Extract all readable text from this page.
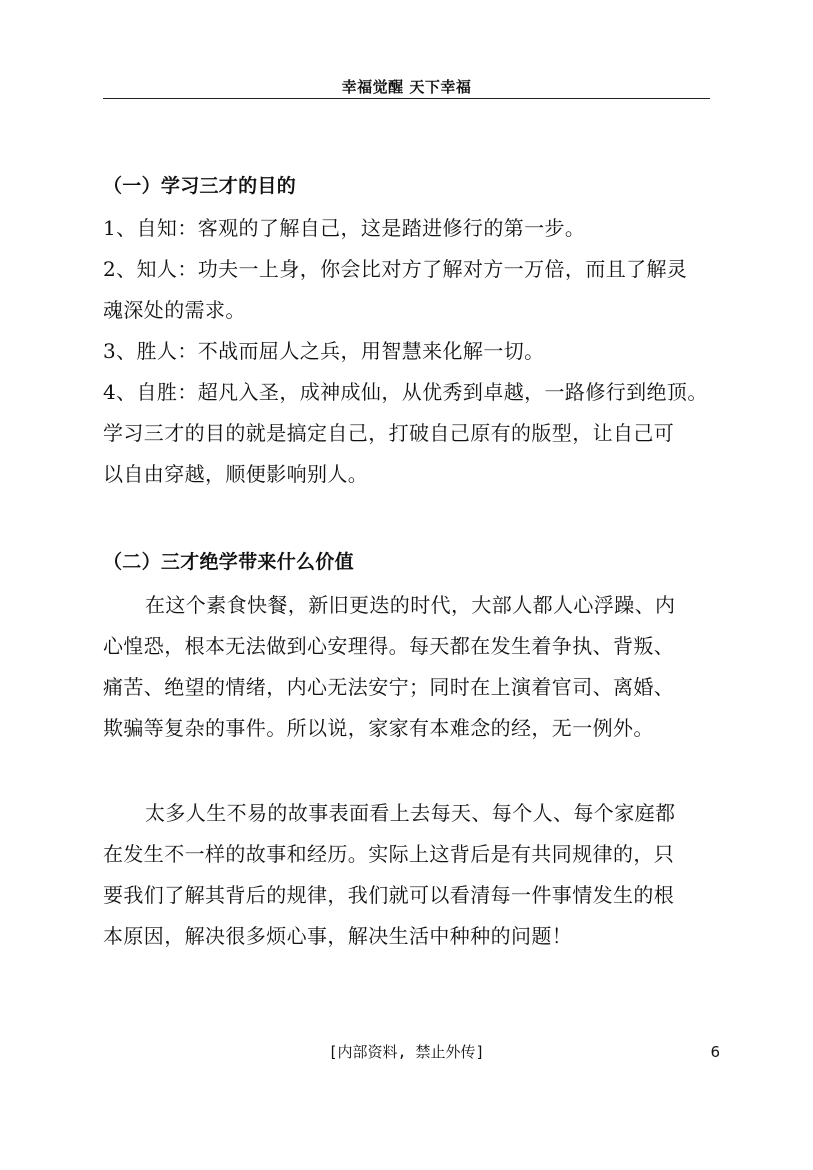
幸福觉醒 天下幸福
（一）学习三才的目的
1、自知：客观的了解自己，这是踏进修行的第一步。
2、知人：功夫一上身，你会比对方了解对方一万倍，而且了解灵
魂深处的需求。
3、胜人：不战而屈人之兵，用智慧来化解一切。
4、自胜：超凡入圣，成神成仙，从优秀到卓越，一路修行到绝顶。
学习三才的目的就是搞定自己，打破自己原有的版型，让自己可
以自由穿越，顺便影响别人。
（二）三才绝学带来什么价值
在这个素食快餐，新旧更迭的时代，大部人都人心浮躁、内
心惶恐，根本无法做到心安理得。每天都在发生着争执、背叛、
痛苦、绝望的情绪，内心无法安宁；同时在上演着官司、离婚、
欺骗等复杂的事件。所以说，家家有本难念的经，无一例外。
太多人生不易的故事表面看上去每天、每个人、每个家庭都
在发生不一样的故事和经历。实际上这背后是有共同规律的，只
要我们了解其背后的规律，我们就可以看清每一件事情发生的根
本原因，解决很多烦心事，解决生活中种种的问题！
[内部资料, 禁止外传]	6
